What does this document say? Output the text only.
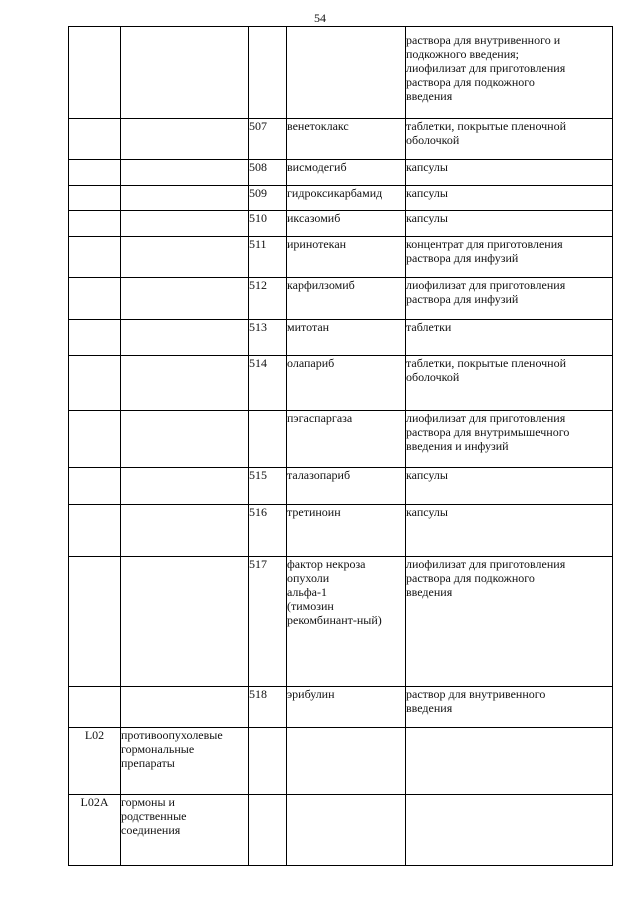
54
				раствора для внутривенного и
подкожного введения;
лиофилизат для приготовления
раствора для подкожного
введения
		507	венетоклакс	таблетки, покрытые пленочной
оболочкой
		508	висмодегиб	капсулы
		509	гидроксикарбамид	капсулы
		510	иксазомиб	капсулы
		511	иринотекан	концентрат для приготовления
раствора для инфузий
		512	карфилзомиб	лиофилизат для приготовления
раствора для инфузий
		513	митотан	таблетки
		514	олапариб	таблетки, покрытые пленочной
оболочкой
			пэгаспаргаза	лиофилизат для приготовления
раствора для внутримышечного
введения и инфузий
		515	талазопариб	капсулы
		516	третиноин	капсулы
		517	фактор некроза
опухоли
альфа-1
(тимозин
рекомбинант-ный)	лиофилизат для приготовления
раствора для подкожного
введения
		518	эрибулин	раствор для внутривенного
введения
L02	противоопухолевые
гормональные
препараты			
L02A	гормоны и
родственные
соединения			
